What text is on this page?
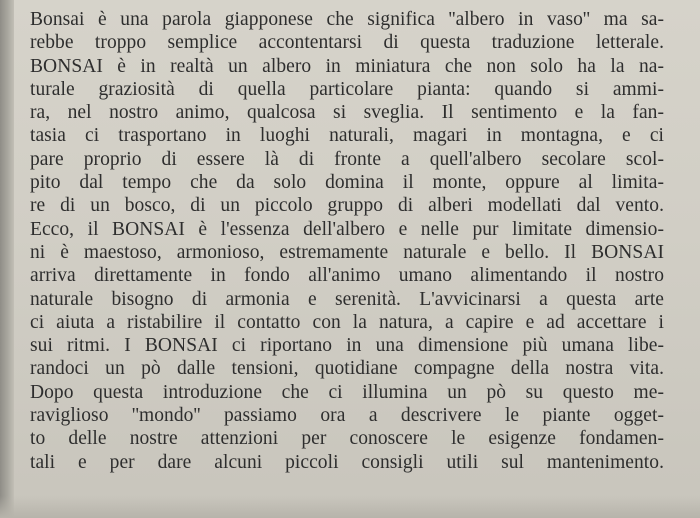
Bonsai è una parola giapponese che significa ''albero in vaso'' ma sa-
rebbe troppo semplice accontentarsi di questa traduzione letterale.
BONSAI è in realtà un albero in miniatura che non solo ha la na-
turale graziosità di quella particolare pianta: quando si ammi-
ra, nel nostro animo, qualcosa si sveglia. Il sentimento e la fan-
tasia ci trasportano in luoghi naturali, magari in montagna, e ci
pare proprio di essere là di fronte a quell'albero secolare scol-
pito dal tempo che da solo domina il monte, oppure al limita-
re di un bosco, di un piccolo gruppo di alberi modellati dal vento.
Ecco, il BONSAI è l'essenza dell'albero e nelle pur limitate dimensio-
ni è maestoso, armonioso, estremamente naturale e bello. Il BONSAI
arriva direttamente in fondo all'animo umano alimentando il nostro
naturale bisogno di armonia e serenità. L'avvicinarsi a questa arte
ci aiuta a ristabilire il contatto con la natura, a capire e ad accettare i
sui ritmi. I BONSAI ci riportano in una dimensione più umana libe-
randoci un pò dalle tensioni, quotidiane compagne della nostra vita.
Dopo questa introduzione che ci illumina un pò su questo me-
raviglioso ''mondo'' passiamo ora a descrivere le piante ogget-
to delle nostre attenzioni per conoscere le esigenze fondamen-
tali e per dare alcuni piccoli consigli utili sul mantenimento.
